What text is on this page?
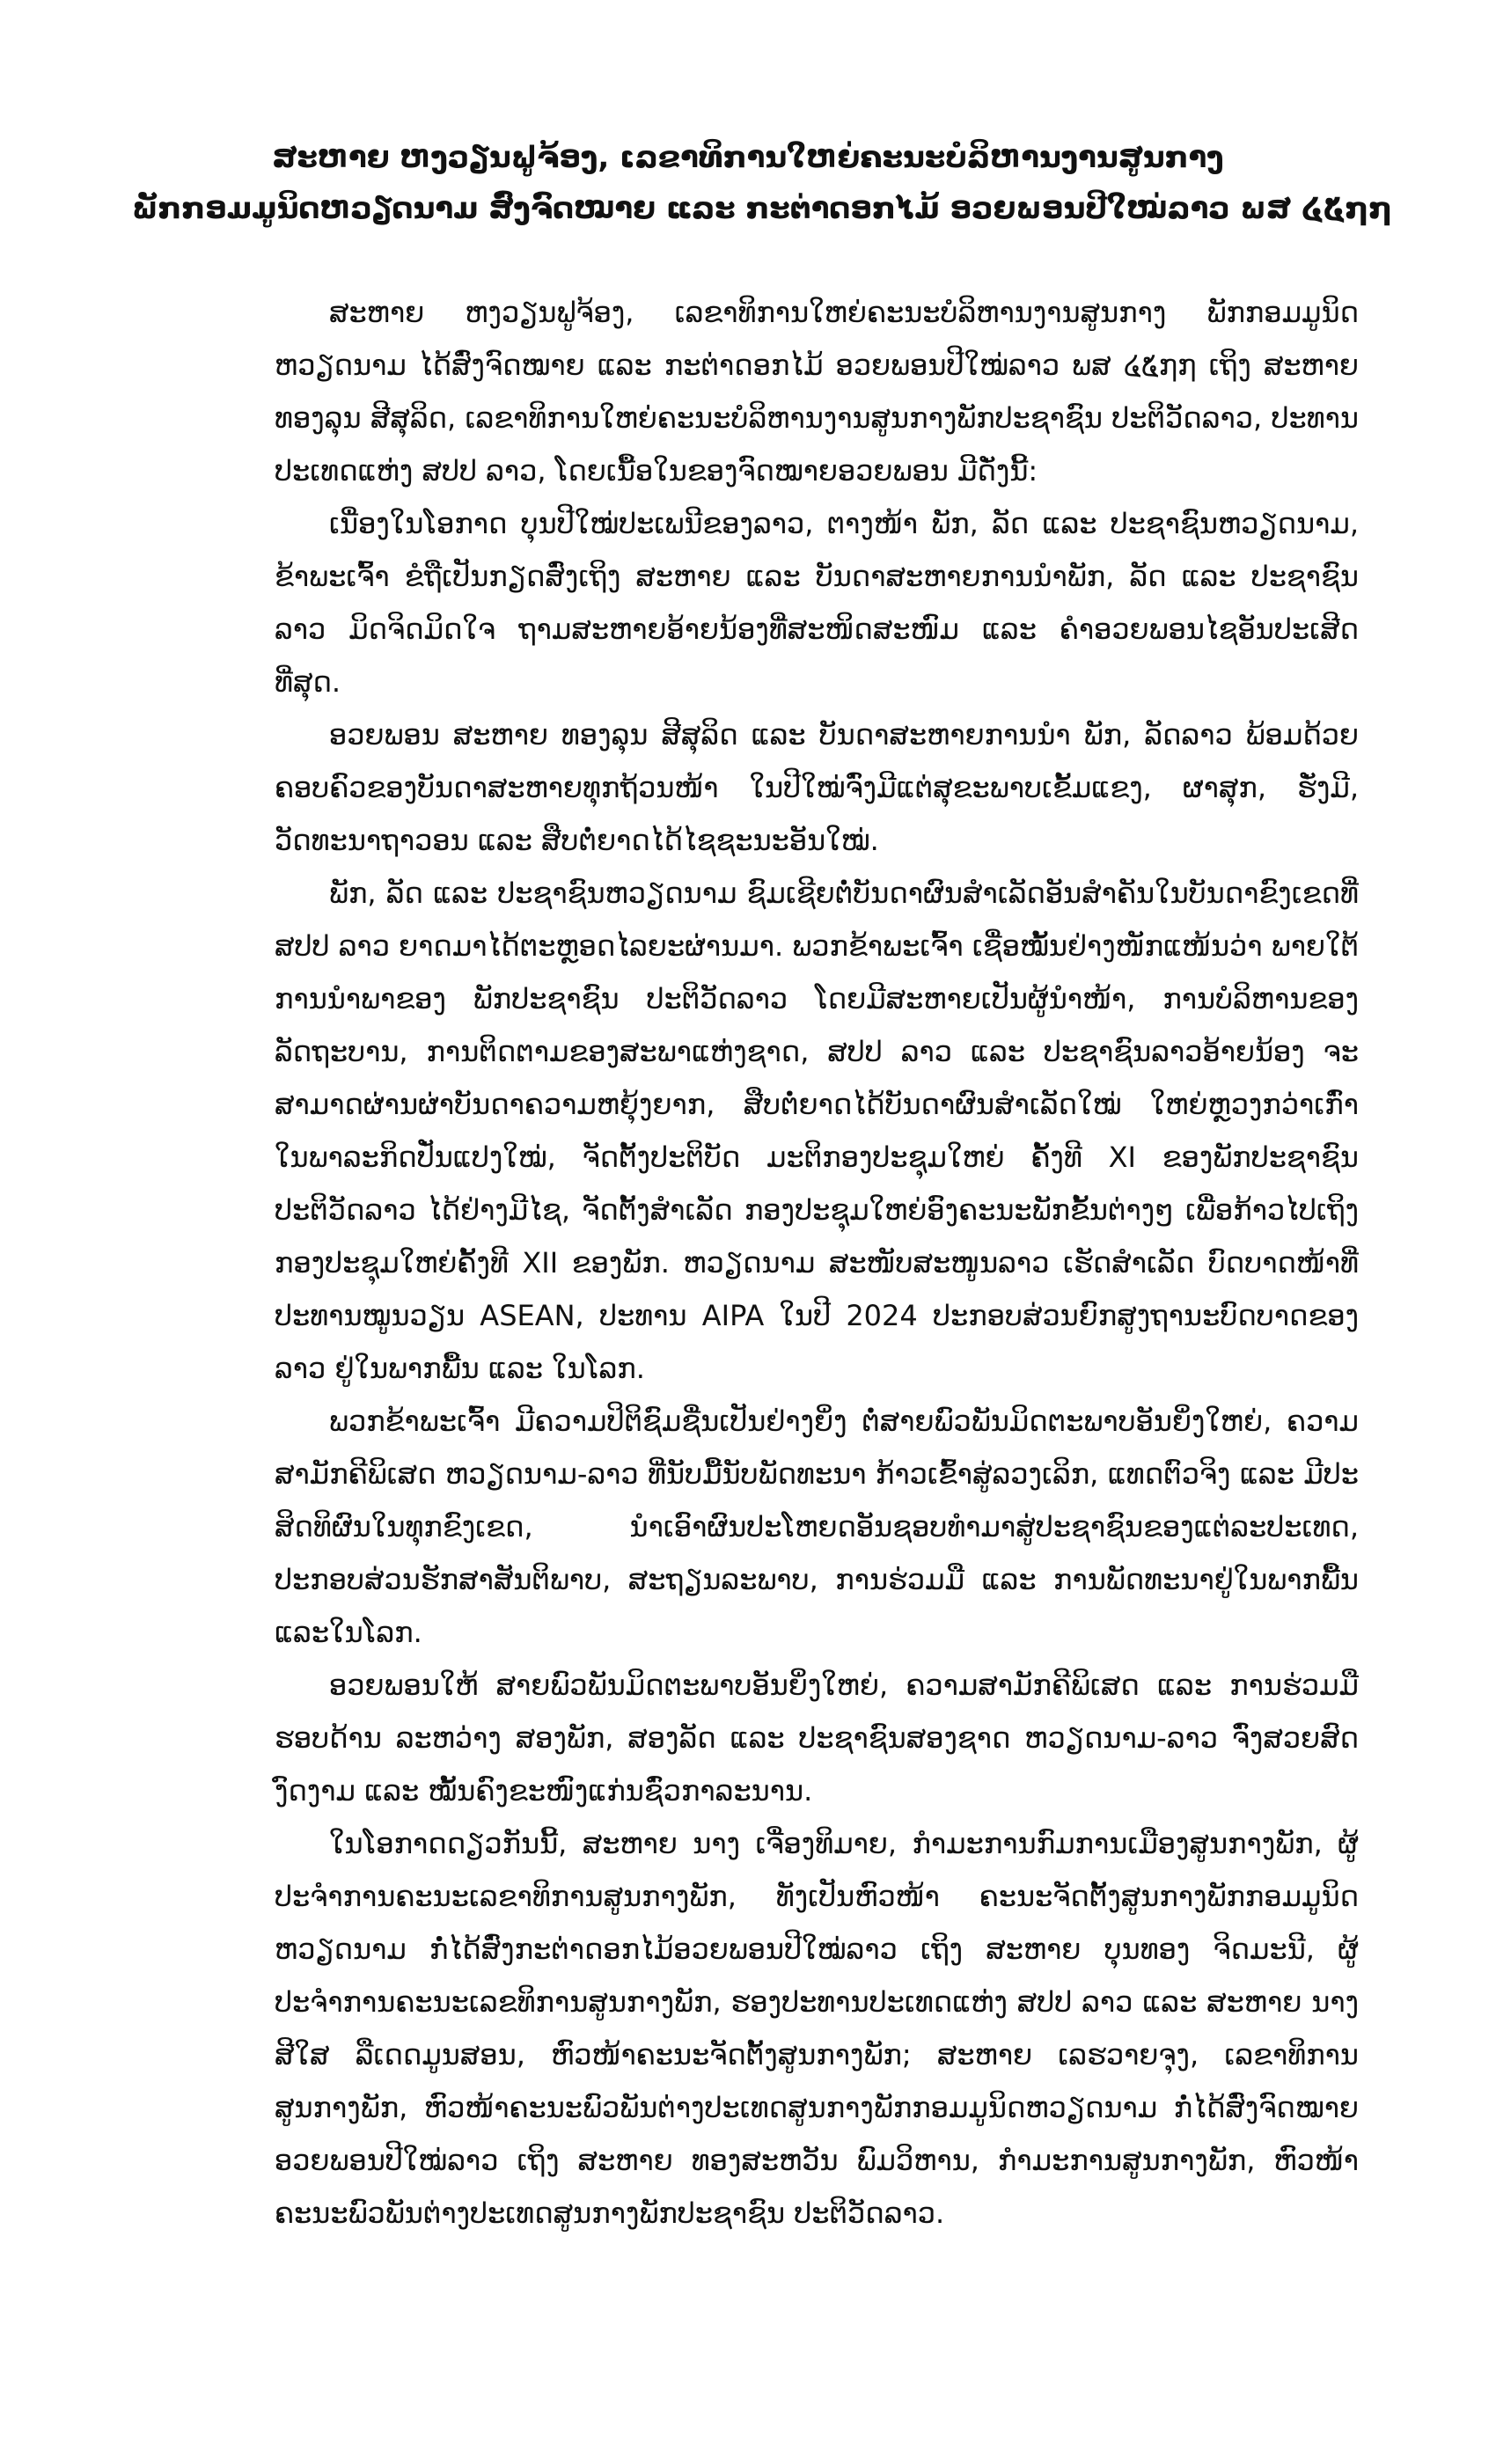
ສະຫາຍ ຫງວຽນຟູຈ້ອງ, ເລຂາທິການໃຫຍ່ຄະນະບໍລິຫານງານສູນກາງ
ພັກກອມມູນິດຫວຽດນາມ ສົ່ງຈົດໝາຍ ແລະ ກະຕ່າດອກໄມ້ ອວຍພອນປີໃໝ່ລາວ ພສ ໔໕໗໗

ສະຫາຍ ຫງວຽນຟູຈ້ອງ, ເລຂາທິການໃຫຍ່ຄະນະບໍລິຫານງານສູນກາງ ພັກກອມມູນິດຫວຽດນາມ ໄດ້ສົ່ງຈົດໝາຍ ແລະ ກະຕ່າດອກໄມ້ ອວຍພອນປີໃໝ່ລາວ ພສ ໔໕໗໗ ເຖິງ ສະຫາຍ ທອງລຸນ ສີສຸລິດ, ເລຂາທິການໃຫຍ່ຄະນະບໍລິຫານງານສູນກາງພັກປະຊາຊົນ ປະຕິວັດລາວ, ປະທານປະເທດແຫ່ງ ສປປ ລາວ, ໂດຍເນື້ອໃນຂອງຈົດໝາຍອວຍພອນ ມີດັ່ງນີ້:

ເນື່ອງໃນໂອກາດ ບຸນປີໃໝ່ປະເພນີຂອງລາວ, ຕາງໜ້າ ພັກ, ລັດ ແລະ ປະຊາຊົນຫວຽດນາມ, ຂ້າພະເຈົ້າ ຂໍຖືເປັນກຽດສົ່ງເຖິງ ສະຫາຍ ແລະ ບັນດາສະຫາຍການນຳພັກ, ລັດ ແລະ ປະຊາຊົນລາວ ມິດຈິດມິດໃຈ ຖາມສະຫາຍອ້າຍນ້ອງທີ່ສະໜິດສະໜົມ ແລະ ຄຳອວຍພອນໄຊອັນປະເສີດທີ່ສຸດ.

ອວຍພອນ ສະຫາຍ ທອງລຸນ ສີສຸລິດ ແລະ ບັນດາສະຫາຍການນຳ ພັກ, ລັດລາວ ພ້ອມດ້ວຍຄອບຄົວຂອງບັນດາສະຫາຍທຸກຖ້ວນໜ້າ ໃນປີໃໝ່ຈົ່ງມີແຕ່ສຸຂະພາບເຂັ້ມແຂງ, ຜາສຸກ, ຮັ່ງມີ, ວັດທະນາຖາວອນ ແລະ ສືບຕໍ່ຍາດໄດ້ໄຊຊະນະອັນໃໝ່.

ພັກ, ລັດ ແລະ ປະຊາຊົນຫວຽດນາມ ຊົມເຊີຍຕໍ່ບັນດາຜົນສຳເລັດອັນສຳຄັນໃນບັນດາຂົງເຂດທີ່ ສປປ ລາວ ຍາດມາໄດ້ຕະຫຼອດໄລຍະຜ່ານມາ. ພວກຂ້າພະເຈົ້າ ເຊື່ອໝັ້ນຢ່າງໜັກແໜ້ນວ່າ ພາຍໃຕ້ການນຳພາຂອງ ພັກປະຊາຊົນ ປະຕິວັດລາວ ໂດຍມີສະຫາຍເປັນຜູ້ນຳໜ້າ, ການບໍລິຫານຂອງລັດຖະບານ, ການຕິດຕາມຂອງສະພາແຫ່ງຊາດ, ສປປ ລາວ ແລະ ປະຊາຊົນລາວອ້າຍນ້ອງ ຈະສາມາດຜ່ານຜ່າບັນດາຄວາມຫຍຸ້ງຍາກ, ສືບຕໍ່ຍາດໄດ້ບັນດາຜົນສຳເລັດໃໝ່ ໃຫຍ່ຫຼວງກວ່າເກົ່າ ໃນພາລະກິດປັ່ນແປງໃໝ່, ຈັດຕັ້ງປະຕິບັດ ມະຕິກອງປະຊຸມໃຫຍ່ ຄັ້ງທີ XI ຂອງພັກປະຊາຊົນ ປະຕິວັດລາວ ໄດ້ຢ່າງມີໄຊ, ຈັດຕັ້ງສຳເລັດ ກອງປະຊຸມໃຫຍ່ອົງຄະນະພັກຂັ້ນຕ່າງໆ ເພື່ອກ້າວໄປເຖິງ ກອງປະຊຸມໃຫຍ່ຄັ້ງທີ XII ຂອງພັກ. ຫວຽດນາມ ສະໜັບສະໜູນລາວ ເຮັດສຳເລັດ ບົດບາດໜ້າທີ່ ປະທານໝູນວຽນ ASEAN, ປະທານ AIPA ໃນປີ 2024 ປະກອບສ່ວນຍົກສູງຖານະບົດບາດຂອງລາວ ຢູ່ໃນພາກພື້ນ ແລະ ໃນໂລກ.

ພວກຂ້າພະເຈົ້າ ມີຄວາມປິຕິຊົມຊື່ນເປັນຢ່າງຍິ່ງ ຕໍ່ສາຍພົວພັນມິດຕະພາບອັນຍິ່ງໃຫຍ່, ຄວາມສາມັກຄີພິເສດ ຫວຽດນາມ-ລາວ ທີ່ນັບມື້ນັບພັດທະນາ ກ້າວເຂົ້າສູ່ລວງເລິກ, ແທດຕົວຈິງ ແລະ ມີປະສິດທິຜົນໃນທຸກຂົງເຂດ, ນຳເອົາຜົນປະໂຫຍດອັນຊອບທຳມາສູ່ປະຊາຊົນຂອງແຕ່ລະປະເທດ, ປະກອບສ່ວນຮັກສາສັນຕິພາບ, ສະຖຽນລະພາບ, ການຮ່ວມມື ແລະ ການພັດທະນາຢູ່ໃນພາກພື້ນ ແລະໃນໂລກ.

ອວຍພອນໃຫ້ ສາຍພົວພັນມິດຕະພາບອັນຍິ່ງໃຫຍ່, ຄວາມສາມັກຄີພິເສດ ແລະ ການຮ່ວມມືຮອບດ້ານ ລະຫວ່າງ ສອງພັກ, ສອງລັດ ແລະ ປະຊາຊົນສອງຊາດ ຫວຽດນາມ-ລາວ ຈົ່ງສວຍສົດງົດງາມ ແລະ ໝັ້ນຄົງຂະໜົງແກ່ນຊົ່ວກາລະນານ.

ໃນໂອກາດດຽວກັນນີ້, ສະຫາຍ ນາງ ເຈື່ອງທິມາຍ, ກຳມະການກົມການເມືອງສູນກາງພັກ, ຜູ້ປະຈຳການຄະນະເລຂາທິການສູນກາງພັກ, ທັງເປັນຫົວໜ້າ ຄະນະຈັດຕັ້ງສູນກາງພັກກອມມູນິດຫວຽດນາມ ກໍ່ໄດ້ສົ່ງກະຕ່າດອກໄມ້ອວຍພອນປີໃໝ່ລາວ ເຖິງ ສະຫາຍ ບຸນທອງ ຈິດມະນີ, ຜູ້ປະຈຳການຄະນະເລຂທິການສູນກາງພັກ, ຮອງປະທານປະເທດແຫ່ງ ສປປ ລາວ ແລະ ສະຫາຍ ນາງ ສີໃສ ລືເດດມູນສອນ, ຫົວໜ້າຄະນະຈັດຕັ້ງສູນກາງພັກ; ສະຫາຍ ເລຮວາຍຈຸງ, ເລຂາທິການສູນກາງພັກ, ຫົວໜ້າຄະນະພົວພັນຕ່າງປະເທດສູນກາງພັກກອມມູນິດຫວຽດນາມ ກໍ່ໄດ້ສົ່ງຈົດໝາຍອວຍພອນປີໃໝ່ລາວ ເຖິງ ສະຫາຍ ທອງສະຫວັນ ພົມວິຫານ, ກຳມະການສູນກາງພັກ, ຫົວໜ້າຄະນະພົວພັນຕ່າງປະເທດສູນກາງພັກປະຊາຊົນ ປະຕິວັດລາວ.
